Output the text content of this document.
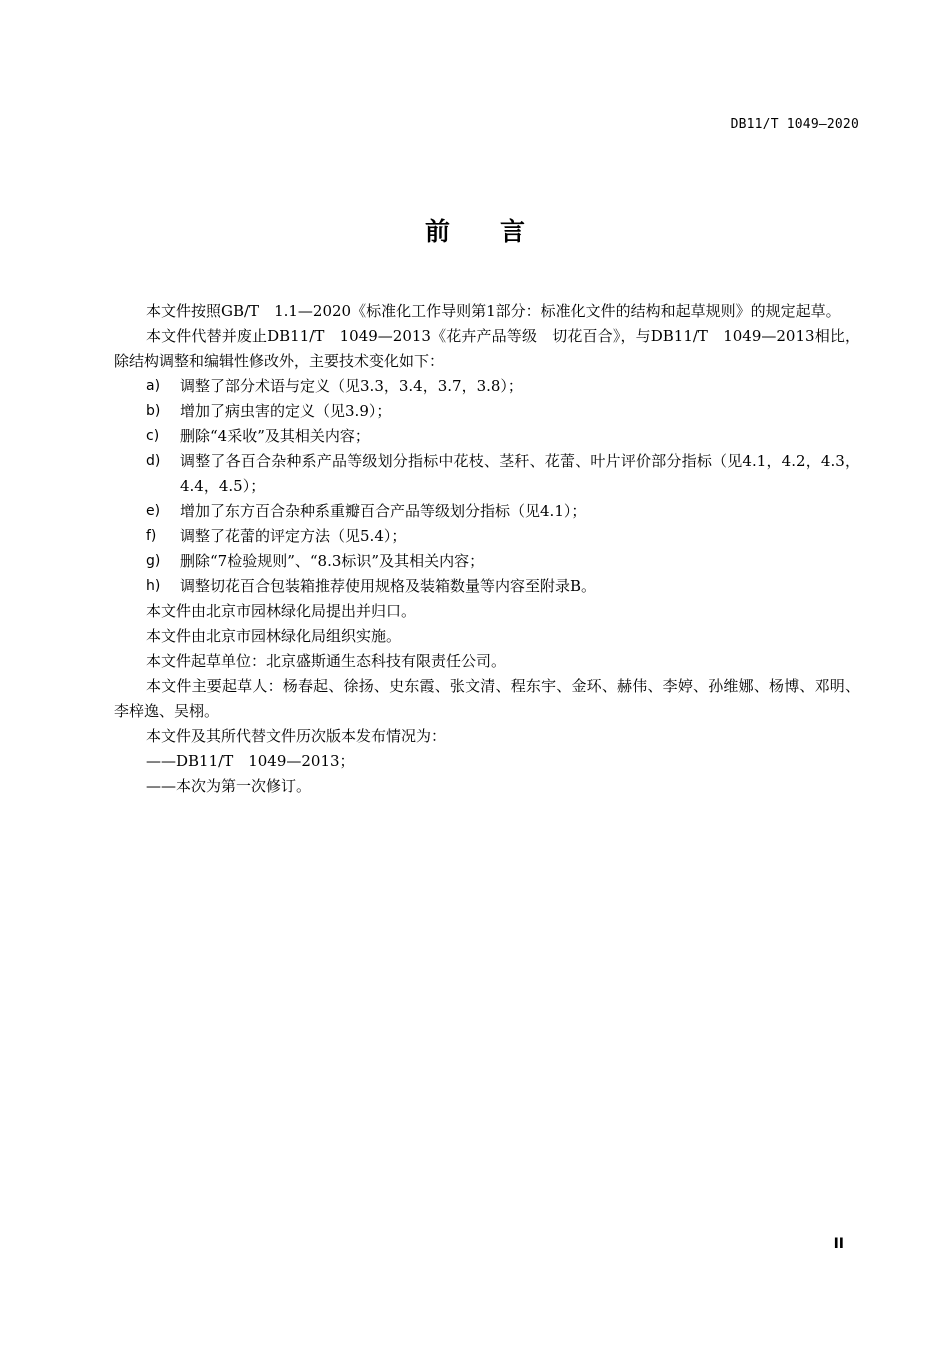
DB11/T 1049—2020
前言

本文件按照GB/T　1.1—2020《标准化工作导则第1部分：标准化文件的结构和起草规则》的规定起草。

本文件代替并废止DB11/T　1049—2013《花卉产品等级　切花百合》，与DB11/T　1049—2013相比，除结构调整和编辑性修改外，主要技术变化如下：

a)	调整了部分术语与定义（见3.3，3.4，3.7，3.8）；
b)	增加了病虫害的定义（见3.9）；
c)	删除“4采收”及其相关内容；
d)	调整了各百合杂种系产品等级划分指标中花枝、茎秆、花蕾、叶片评价部分指标（见4.1，4.2，4.3，4.4，4.5）；
e)	增加了东方百合杂种系重瓣百合产品等级划分指标（见4.1）；
f)	调整了花蕾的评定方法（见5.4）；
g)	删除“7检验规则”、“8.3标识”及其相关内容；
h)	调整切花百合包装箱推荐使用规格及装箱数量等内容至附录B。

本文件由北京市园林绿化局提出并归口。

本文件由北京市园林绿化局组织实施。

本文件起草单位：北京盛斯通生态科技有限责任公司。

本文件主要起草人：杨春起、徐扬、史东霞、张文清、程东宇、金环、赫伟、李婷、孙维娜、杨博、邓明、李梓逸、吴栩。

本文件及其所代替文件历次版本发布情况为：

——DB11/T　1049—2013；

——本次为第一次修订。

II
